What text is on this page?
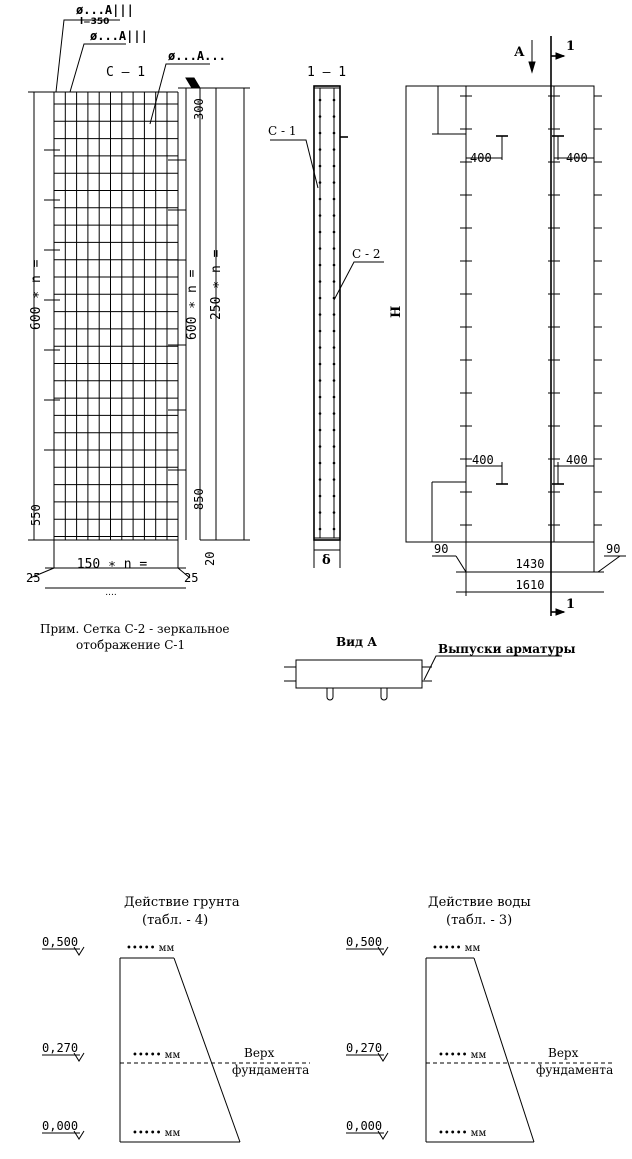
....
ø...А|||
l=350
ø...А|||
ø...А...
С – 1
300
600 ∗ n =
550
600 ∗ n = 250 ∗ n =
850
20
150 ∗ n =
25	25
1 – 1
С - 1
С - 2
δ
1
1
А
Н
400	400
400	400
90	90
1430
1610
Прим. Сетка С-2 - зеркальное
отображение С-1	Вид А	Выпуски арматуры
Действие грунта
(табл. - 4)
0,500
0,270
0,000
••••• мм
••••• мм
••••• мм
Верх
фундамента
Действие воды
(табл. - 3)
0,500
0,270
0,000
••••• мм
••••• мм
••••• мм
Верх
фундамента
